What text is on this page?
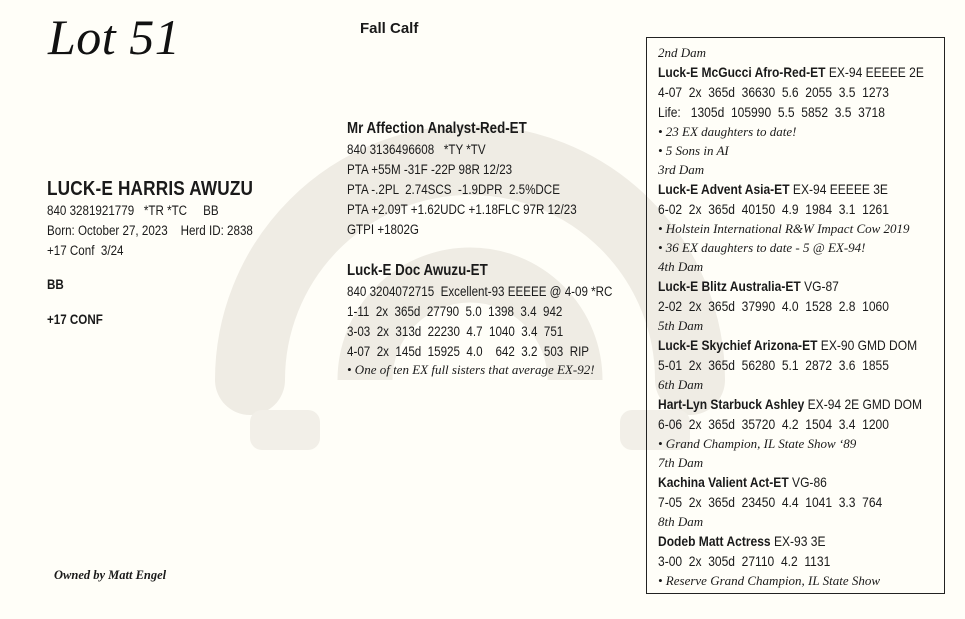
Lot 51	Fall Calf
LUCK-E HARRIS AWUZU
840 3281921779   *TR *TC     BB
Born: October 27, 2023    Herd ID: 2838
+17 Conf  3/24
BB
+17 CONF
Mr Affection Analyst-Red-ET
840 3136496608   *TY *TV
PTA +55M -31F -22P 98R 12/23
PTA -.2PL  2.74SCS  -1.9DPR  2.5%DCE
PTA +2.09T +1.62UDC +1.18FLC 97R 12/23
GTPI +1802G
Luck-E Doc Awuzu-ET
840 3204072715  Excellent-93 EEEEE @ 4-09 *RC
1-11  2x  365d  27790  5.0  1398  3.4  942
3-03  2x  313d  22230  4.7  1040  3.4  751
4-07  2x  145d  15925  4.0    642  3.2  503  RIP
• One of ten EX full sisters that average EX-92!
2nd Dam
Luck-E McGucci Afro-Red-ET EX-94 EEEEE 2E
4-07  2x  365d  36630  5.6  2055  3.5  1273
Life:   1305d  105990  5.5  5852  3.5  3718
• 23 EX daughters to date!
• 5 Sons in AI
3rd Dam
Luck-E Advent Asia-ET EX-94 EEEEE 3E
6-02  2x  365d  40150  4.9  1984  3.1  1261
• Holstein International R&W Impact Cow 2019
• 36 EX daughters to date - 5 @ EX-94!
4th Dam
Luck-E Blitz Australia-ET VG-87
2-02  2x  365d  37990  4.0  1528  2.8  1060
5th Dam
Luck-E Skychief Arizona-ET EX-90 GMD DOM
5-01  2x  365d  56280  5.1  2872  3.6  1855
6th Dam
Hart-Lyn Starbuck Ashley EX-94 2E GMD DOM
6-06  2x  365d  35720  4.2  1504  3.4  1200
• Grand Champion, IL State Show ‘89
7th Dam
Kachina Valient Act-ET VG-86
7-05  2x  365d  23450  4.4  1041  3.3  764
8th Dam
Dodeb Matt Actress EX-93 3E
3-00  2x  305d  27110  4.2  1131
• Reserve Grand Champion, IL State Show
Owned by Matt Engel
